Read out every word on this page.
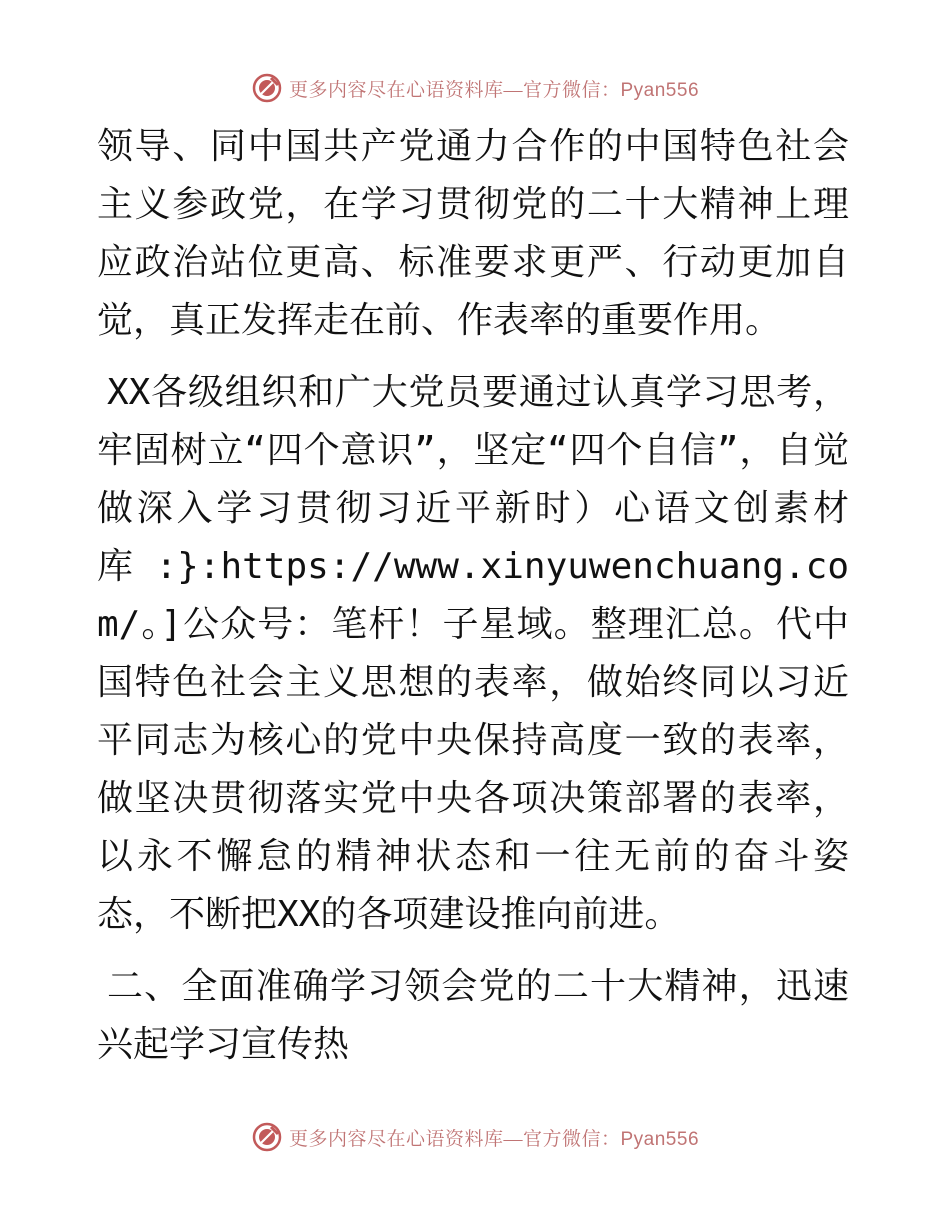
更多内容尽在心语资料库—官方微信：Pyan556

领导、同中国共产党通力合作的中国特色社会主义参政党，在学习贯彻党的二十大精神上理应政治站位更高、标准要求更严、行动更加自觉，真正发挥走在前、作表率的重要作用。

XX各级组织和广大党员要通过认真学习思考，牢固树立“四个意识”，坚定“四个自信”，自觉做深入学习贯彻习近平新时）心语文创素材库:}:https://www.xinyuwenchuang.com/。]公众号：笔杆！子星域。整理汇总。代中国特色社会主义思想的表率，做始终同以习近平同志为核心的党中央保持高度一致的表率，做坚决贯彻落实党中央各项决策部署的表率，以永不懈怠的精神状态和一往无前的奋斗姿态，不断把XX的各项建设推向前进。

二、全面准确学习领会党的二十大精神，迅速兴起学习宣传热

更多内容尽在心语资料库—官方微信：Pyan556
